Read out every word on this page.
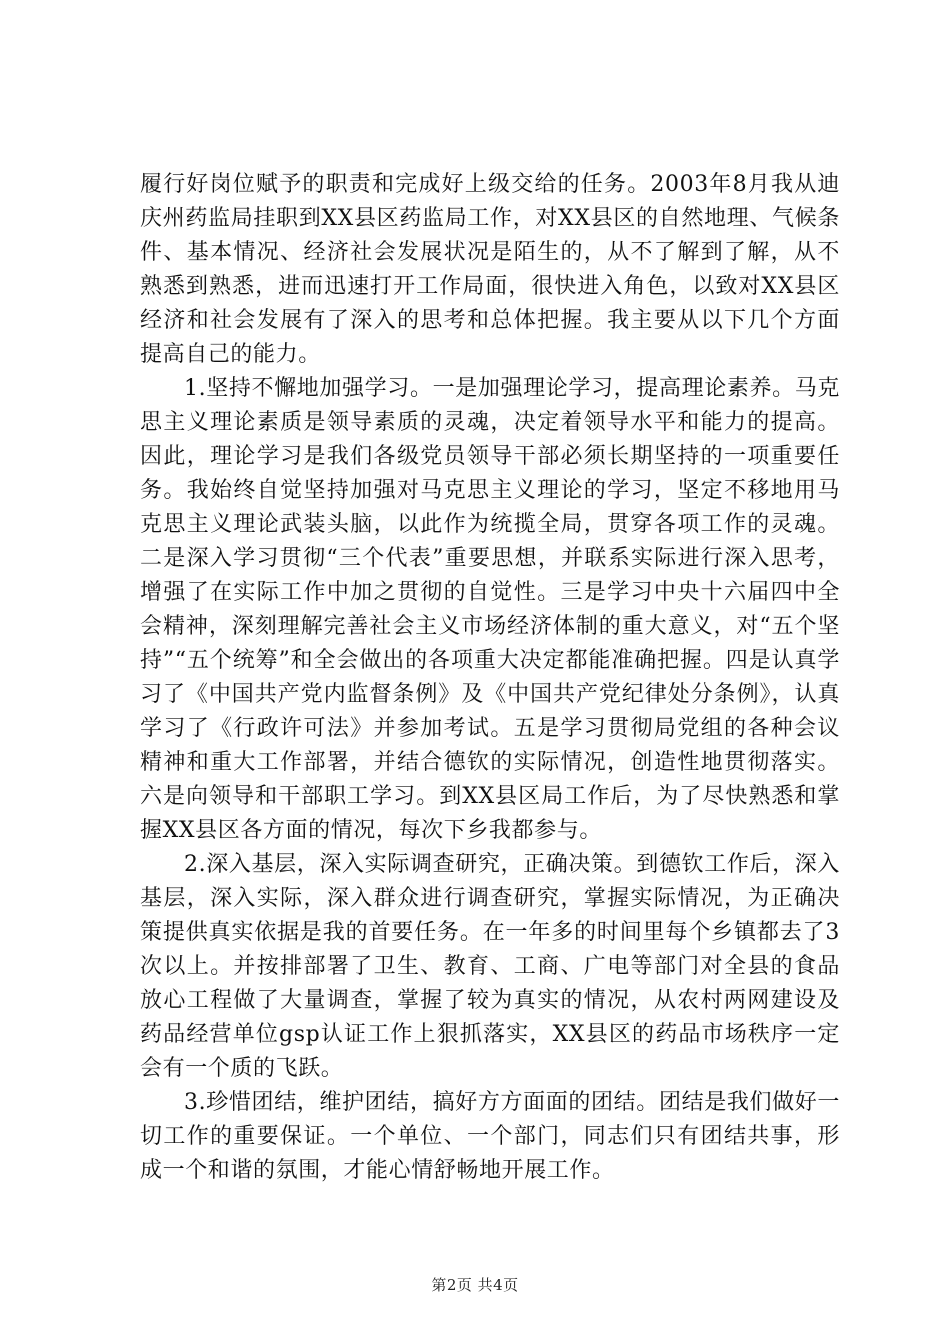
履行好岗位赋予的职责和完成好上级交给的任务。2003年8月我从迪庆州药监局挂职到XX县区药监局工作，对XX县区的自然地理、气候条件、基本情况、经济社会发展状况是陌生的，从不了解到了解，从不熟悉到熟悉，进而迅速打开工作局面，很快进入角色，以致对XX县区经济和社会发展有了深入的思考和总体把握。我主要从以下几个方面提高自己的能力。

1.坚持不懈地加强学习。一是加强理论学习，提高理论素养。马克思主义理论素质是领导素质的灵魂，决定着领导水平和能力的提高。因此，理论学习是我们各级党员领导干部必须长期坚持的一项重要任务。我始终自觉坚持加强对马克思主义理论的学习，坚定不移地用马克思主义理论武装头脑，以此作为统揽全局，贯穿各项工作的灵魂。二是深入学习贯彻“三个代表”重要思想，并联系实际进行深入思考，增强了在实际工作中加之贯彻的自觉性。三是学习中央十六届四中全会精神，深刻理解完善社会主义市场经济体制的重大意义，对“五个坚持”“五个统筹”和全会做出的各项重大决定都能准确把握。四是认真学习了《中国共产党内监督条例》及《中国共产党纪律处分条例》，认真学习了《行政许可法》并参加考试。五是学习贯彻局党组的各种会议精神和重大工作部署，并结合德钦的实际情况，创造性地贯彻落实。六是向领导和干部职工学习。到XX县区局工作后，为了尽快熟悉和掌握XX县区各方面的情况，每次下乡我都参与。

2.深入基层，深入实际调查研究，正确决策。到德钦工作后，深入基层，深入实际，深入群众进行调查研究，掌握实际情况，为正确决策提供真实依据是我的首要任务。在一年多的时间里每个乡镇都去了3次以上。并按排部署了卫生、教育、工商、广电等部门对全县的食品放心工程做了大量调查，掌握了较为真实的情况，从农村两网建设及药品经营单位gsp认证工作上狠抓落实，XX县区的药品市场秩序一定会有一个质的飞跃。

3.珍惜团结，维护团结，搞好方方面面的团结。团结是我们做好一切工作的重要保证。一个单位、一个部门，同志们只有团结共事，形成一个和谐的氛围，才能心情舒畅地开展工作。

第2页 共4页
